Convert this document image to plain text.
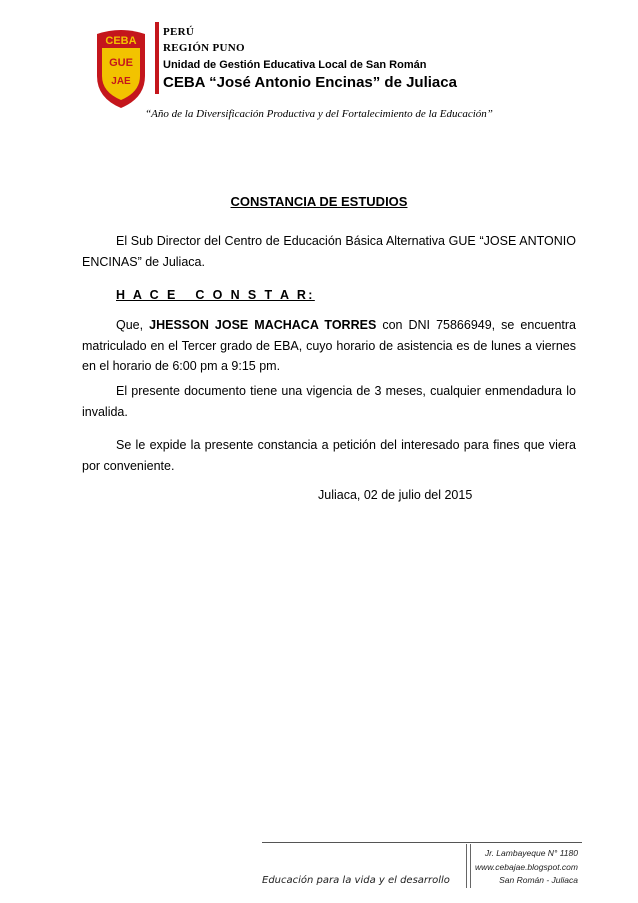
CEBA
GUE
JAE
PERÚ
REGIÓN PUNO
Unidad de Gestión Educativa Local de San Román
CEBA “José Antonio Encinas” de Juliaca
“Año de la Diversificación Productiva y del Fortalecimiento de la Educación”
CONSTANCIA DE ESTUDIOS
El Sub Director del Centro de Educación Básica Alternativa GUE “JOSE ANTONIO ENCINAS” de Juliaca.
H A C E   C O N S T A R:
Que, JHESSON JOSE MACHACA TORRES con DNI 75866949, se encuentra matriculado en el Tercer grado de EBA, cuyo horario de asistencia es de lunes a viernes en el horario de 6:00 pm a 9:15 pm.
El presente documento tiene una vigencia de 3 meses, cualquier enmendadura lo invalida.
Se le expide la presente constancia a petición del interesado para fines que viera por conveniente.
Juliaca, 02 de julio del 2015
Educación para la vida y el desarrollo
Jr. Lambayeque N° 1180
www.cebajae.blogspot.com
San Román - Juliaca
